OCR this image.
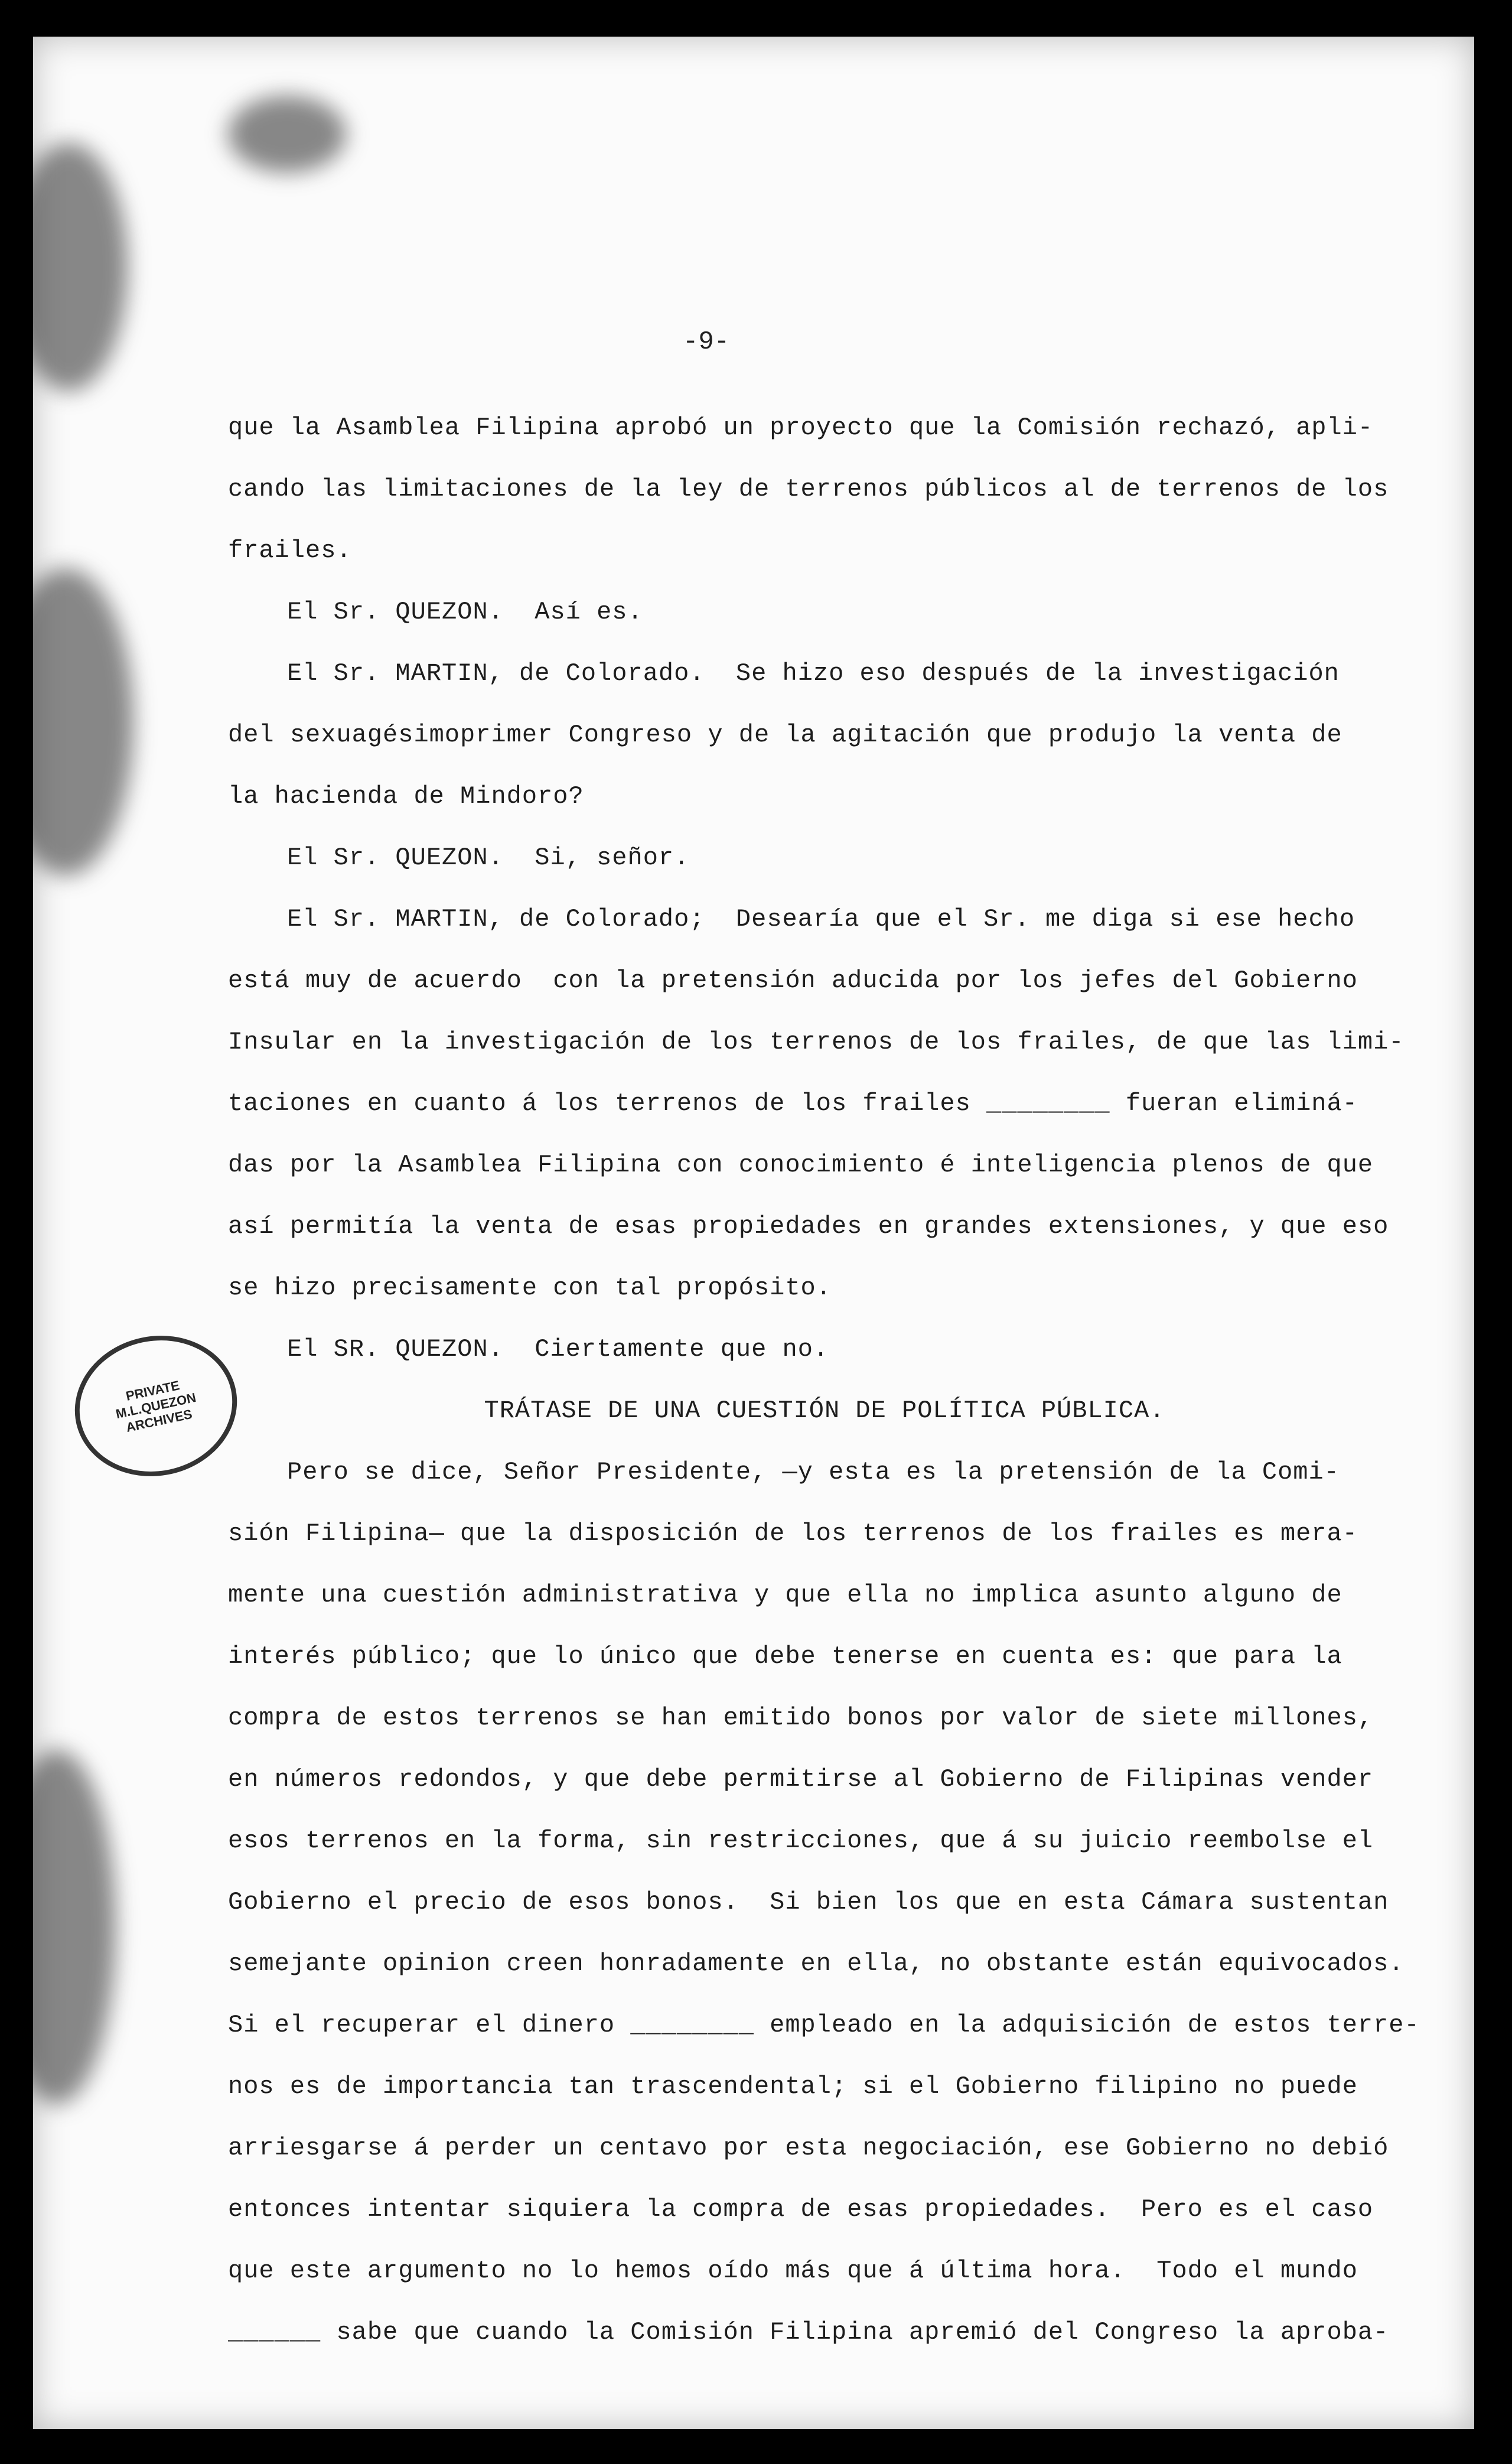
PRIVATE M.L.QUEZON ARCHIVES
-9-
que la Asamblea Filipina aprobó un proyecto que la Comisión rechazó, apli-
cando las limitaciones de la ley de terrenos públicos al de terrenos de los
frailes.
El Sr. QUEZON.  Así es.
El Sr. MARTIN, de Colorado.  Se hizo eso después de la investigación
del sexuagésimoprimer Congreso y de la agitación que produjo la venta de
la hacienda de Mindoro?
El Sr. QUEZON.  Si, señor.
El Sr. MARTIN, de Colorado;  Desearía que el Sr. me diga si ese hecho
está muy de acuerdo  con la pretensión aducida por los jefes del Gobierno
Insular en la investigación de los terrenos de los frailes, de que las limi-
taciones en cuanto á los terrenos de los frailes ________ fueran eliminá-
das por la Asamblea Filipina con conocimiento é inteligencia plenos de que
así permitía la venta de esas propiedades en grandes extensiones, y que eso
se hizo precisamente con tal propósito.
El SR. QUEZON.  Ciertamente que no.
TRÁTASE DE UNA CUESTIÓN DE POLÍTICA PÚBLICA.
Pero se dice, Señor Presidente, —y esta es la pretensión de la Comi-
sión Filipina— que la disposición de los terrenos de los frailes es mera-
mente una cuestión administrativa y que ella no implica asunto alguno de
interés público; que lo único que debe tenerse en cuenta es: que para la
compra de estos terrenos se han emitido bonos por valor de siete millones,
en números redondos, y que debe permitirse al Gobierno de Filipinas vender
esos terrenos en la forma, sin restricciones, que á su juicio reembolse el
Gobierno el precio de esos bonos.  Si bien los que en esta Cámara sustentan
semejante opinion creen honradamente en ella, no obstante están equivocados.
Si el recuperar el dinero ________ empleado en la adquisición de estos terre-
nos es de importancia tan trascendental; si el Gobierno filipino no puede
arriesgarse á perder un centavo por esta negociación, ese Gobierno no debió
entonces intentar siquiera la compra de esas propiedades.  Pero es el caso
que este argumento no lo hemos oído más que á última hora.  Todo el mundo
______ sabe que cuando la Comisión Filipina apremió del Congreso la aproba-
